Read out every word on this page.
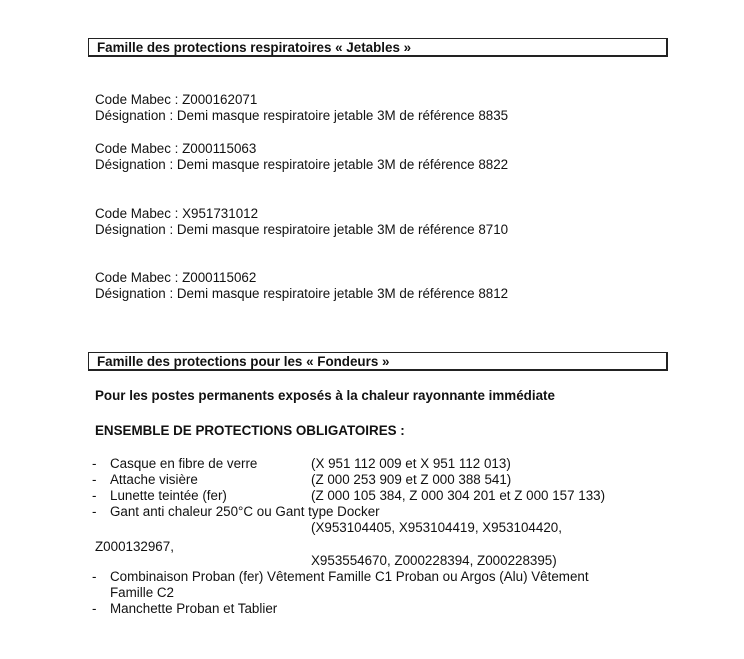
Famille des protections respiratoires « Jetables »
Code Mabec : Z000162071
Désignation : Demi masque respiratoire jetable 3M de référence 8835
Code Mabec : Z000115063
Désignation : Demi masque respiratoire jetable 3M de référence 8822
Code Mabec : X951731012
Désignation : Demi masque respiratoire jetable 3M de référence 8710
Code Mabec : Z000115062
Désignation : Demi masque respiratoire jetable 3M de référence 8812
Famille des protections pour les « Fondeurs »
Pour les postes permanents exposés à la chaleur rayonnante immédiate
ENSEMBLE DE PROTECTIONS OBLIGATOIRES :
- Casque en fibre de verre	(X 951 112 009 et X 951 112 013)
- Attache visière	(Z 000 253 909 et Z 000 388 541)
- Lunette teintée (fer)	(Z 000 105 384, Z 000 304 201 et Z 000 157 133)
- Gant anti chaleur 250°C ou Gant type Docker
(X953104405, X953104419, X953104420,
Z000132967,
X953554670, Z000228394, Z000228395)
- Combinaison Proban (fer) Vêtement Famille C1 Proban ou Argos (Alu) Vêtement
Famille C2
- Manchette Proban et Tablier
